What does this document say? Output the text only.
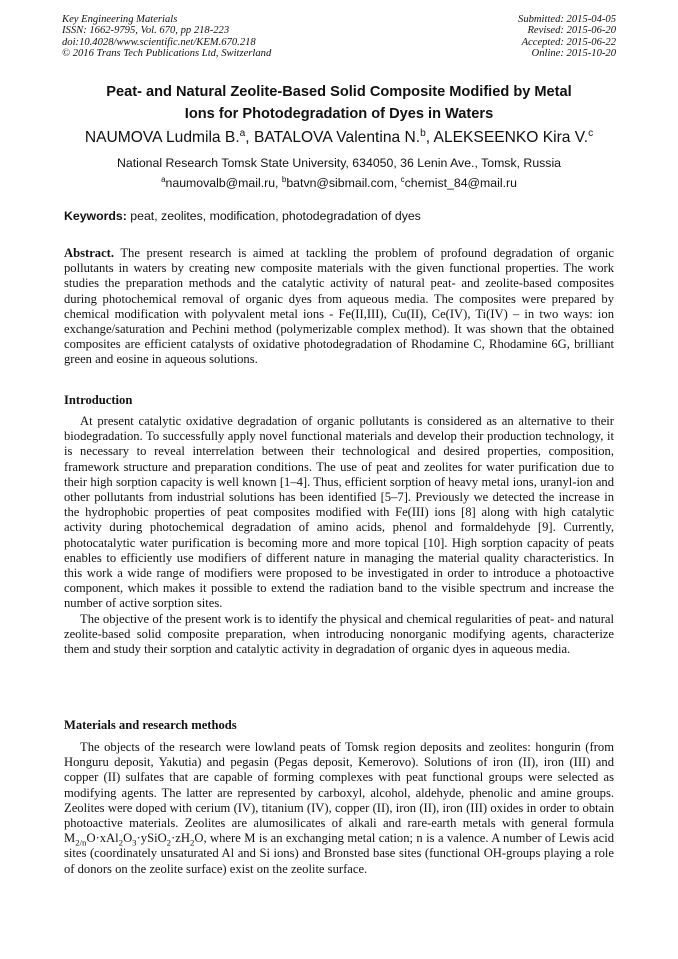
Key Engineering Materials
ISSN: 1662-9795, Vol. 670, pp 218-223
doi:10.4028/www.scientific.net/KEM.670.218
© 2016 Trans Tech Publications Ltd, Switzerland
Submitted: 2015-04-05
Revised: 2015-06-20
Accepted: 2015-06-22
Online: 2015-10-20
Peat- and Natural Zeolite-Based Solid Composite Modified by Metal
Ions for Photodegradation of Dyes in Waters
NAUMOVA Ludmila B.$^a$, BATALOVA Valentina N.$^b$, ALEKSEENKO Kira V.$^c$
National Research Tomsk State University, 634050, 36 Lenin Ave., Tomsk, Russia
$^a$naumovalb@mail.ru, $^b$batvn@sibmail.com, $^c$chemist_84@mail.ru
Keywords: peat, zeolites, modification, photodegradation of dyes

Abstract. The present research is aimed at tackling the problem of profound degradation of organic pollutants in waters by creating new composite materials with the given functional properties. The work studies the preparation methods and the catalytic activity of natural peat- and zeolite-based composites during photochemical removal of organic dyes from aqueous media. The composites were prepared by chemical modification with polyvalent metal ions - Fe(II,III), Cu(II), Ce(IV), Ti(IV) – in two ways: ion exchange/saturation and Pechini method (polymerizable complex method). It was shown that the obtained composites are efficient catalysts of oxidative photodegradation of Rhodamine C, Rhodamine 6G, brilliant green and eosine in aqueous solutions.

Introduction

At present catalytic oxidative degradation of organic pollutants is considered as an alternative to their biodegradation. To successfully apply novel functional materials and develop their production technology, it is necessary to reveal interrelation between their technological and desired properties, composition, framework structure and preparation conditions. The use of peat and zeolites for water purification due to their high sorption capacity is well known [1–4]. Thus, efficient sorption of heavy metal ions, uranyl-ion and other pollutants from industrial solutions has been identified [5–7]. Previously we detected the increase in the hydrophobic properties of peat composites modified with Fe(III) ions [8] along with high catalytic activity during photochemical degradation of amino acids, phenol and formaldehyde [9]. Currently, photocatalytic water purification is becoming more and more topical [10]. High sorption capacity of peats enables to efficiently use modifiers of different nature in managing the material quality characteristics. In this work a wide range of modifiers were proposed to be investigated in order to introduce a photoactive component, which makes it possible to extend the radiation band to the visible spectrum and increase the number of active sorption sites.

The objective of the present work is to identify the physical and chemical regularities of peat- and natural zeolite-based solid composite preparation, when introducing nonorganic modifying agents, characterize them and study their sorption and catalytic activity in degradation of organic dyes in aqueous media.

Materials and research methods

The objects of the research were lowland peats of Tomsk region deposits and zeolites: hongurin (from Honguru deposit, Yakutia) and pegasin (Pegas deposit, Kemerovo). Solutions of iron (II), iron (III) and copper (II) sulfates that are capable of forming complexes with peat functional groups were selected as modifying agents. The latter are represented by carboxyl, alcohol, aldehyde, phenolic and amine groups. Zeolites were doped with cerium (IV), titanium (IV), copper (II), iron (II), iron (III) oxides in order to obtain photoactive materials. Zeolites are alumosilicates of alkali and rare-earth metals with general formula $M_{2/n}O\cdot xAl_2O_3\cdot ySiO_2\cdot zH_2O$, where M is an exchanging metal cation; n is a valence. A number of Lewis acid sites (coordinately unsaturated Al and Si ions) and Bronsted base sites (functional OH-groups playing a role of donors on the zeolite surface) exist on the zeolite surface.
